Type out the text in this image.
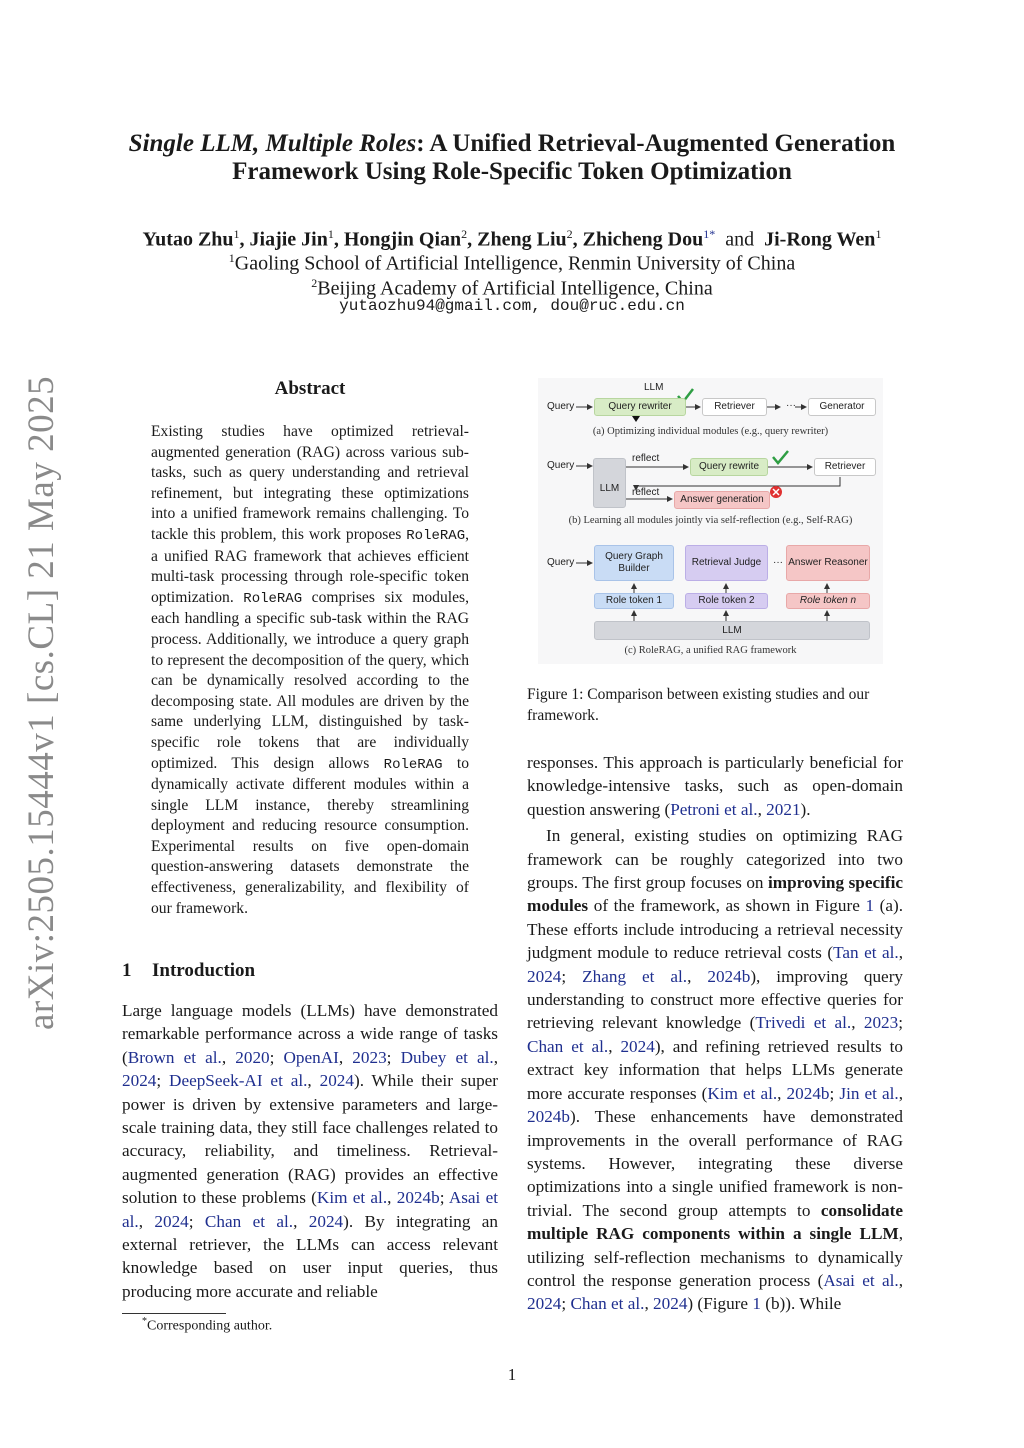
arXiv:2505.15444v1 [cs.CL] 21 May 2025
Single LLM, Multiple Roles: A Unified Retrieval-Augmented Generation
Framework Using Role-Specific Token Optimization
Yutao Zhu$^1$, Jiajie Jin$^1$, Hongjin Qian$^2$, Zheng Liu$^2$, Zhicheng Dou$^{1*}$ and Ji-Rong Wen$^1$
$^1$Gaoling School of Artificial Intelligence, Renmin University of China
$^2$Beijing Academy of Artificial Intelligence, China
yutaozhu94@gmail.com, dou@ruc.edu.cn
Abstract
Existing studies have optimized retrieval-augmented generation (RAG) across various sub-tasks, such as query understanding and retrieval refinement, but integrating these optimizations into a unified framework remains challenging. To tackle this problem, this work proposes RoleRAG, a unified RAG framework that achieves efficient multi-task processing through role-specific token optimization. RoleRAG comprises six modules, each handling a specific sub-task within the RAG process. Additionally, we introduce a query graph to represent the decomposition of the query, which can be dynamically resolved according to the decomposing state. All modules are driven by the same underlying LLM, distinguished by task-specific role tokens that are individually optimized. This design allows RoleRAG to dynamically activate different modules within a single LLM instance, thereby streamlining deployment and reducing resource consumption. Experimental results on five open-domain question-answering datasets demonstrate the effectiveness, generalizability, and flexibility of our framework.
1 Introduction

Large language models (LLMs) have demonstrated remarkable performance across a wide range of tasks (Brown et al., 2020; OpenAI, 2023; Dubey et al., 2024; DeepSeek-AI et al., 2024). While their super power is driven by extensive parameters and large-scale training data, they still face challenges related to accuracy, reliability, and timeliness. Retrieval-augmented generation (RAG) provides an effective solution to these problems (Kim et al., 2024b; Asai et al., 2024; Chan et al., 2024). By integrating an external retriever, the LLMs can access relevant knowledge based on user input queries, thus producing more accurate and reliable

*Corresponding author.
Query
LLM
Query rewriter	Retriever	···	Generator
(a) Optimizing individual modules (e.g., query rewriter)
Query
LLM
reflect
reflect
Query rewrite	Retriever
Answer generation
(b) Learning all modules jointly via self-reflection (e.g., Self-RAG)
Query
Query Graph Builder
Retrieval Judge	··· Answer Reasoner
Role token 1	Role token 2	Role token n
LLM
(c) RoleRAG, a unified RAG framework
Figure 1: Comparison between existing studies and our framework.

responses. This approach is particularly beneficial for knowledge-intensive tasks, such as open-domain question answering (Petroni et al., 2021).

In general, existing studies on optimizing RAG framework can be roughly categorized into two groups. The first group focuses on improving specific modules of the framework, as shown in Figure 1 (a). These efforts include introducing a retrieval necessity judgment module to reduce retrieval costs (Tan et al., 2024; Zhang et al., 2024b), improving query understanding to construct more effective queries for retrieving relevant knowledge (Trivedi et al., 2023; Chan et al., 2024), and refining retrieved results to extract key information that helps LLMs generate more accurate responses (Kim et al., 2024b; Jin et al., 2024b). These enhancements have demonstrated improvements in the overall performance of RAG systems. However, integrating these diverse optimizations into a single unified framework is non-trivial. The second group attempts to consolidate multiple RAG components within a single LLM, utilizing self-reflection mechanisms to dynamically control the response generation process (Asai et al., 2024; Chan et al., 2024) (Figure 1 (b)). While

1
